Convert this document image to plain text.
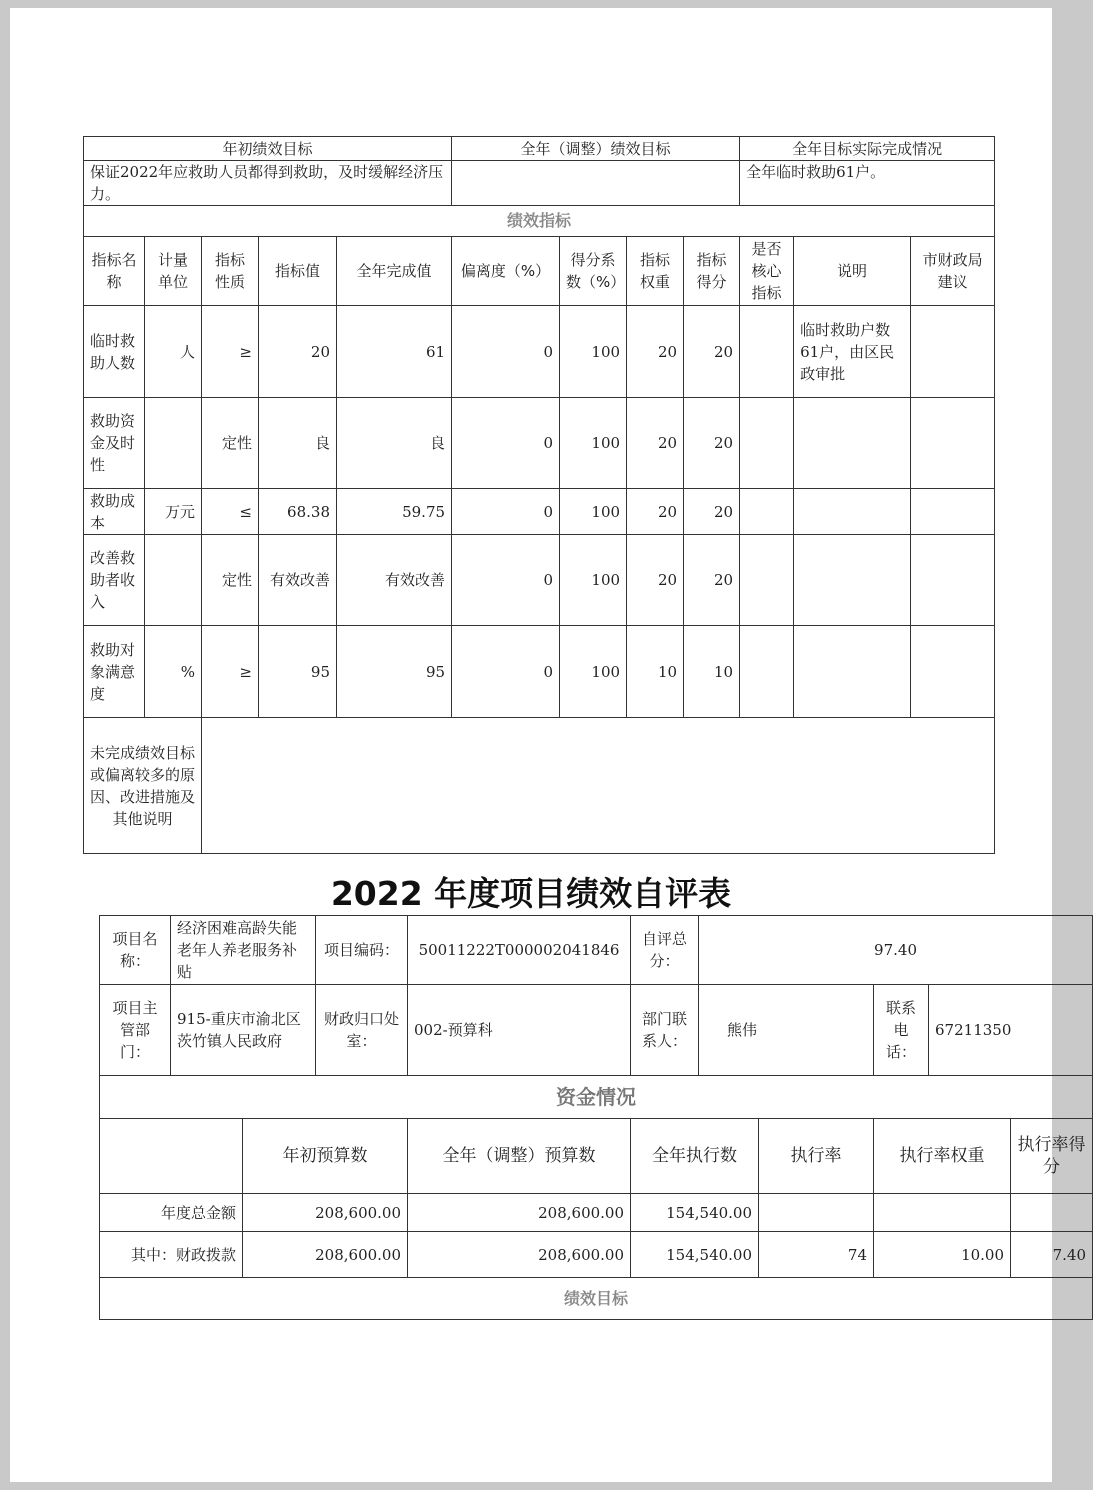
年初绩效目标					全年（调整）绩效目标				全年目标实际完成情况		
保证2022年应救助人员都得到救助，及时缓解经济压力。									全年临时救助61户。		
绩效指标											
指标名称	计量单位	指标性质	指标值	全年完成值	偏离度（%）	得分系数（%）	指标权重	指标得分	是否核心指标	说明	市财政局建议
临时救助人数	人	≥	20	61	0	100	20	20		临时救助户数61户，由区民政审批	
救助资金及时性		定性	良	良	0	100	20	20			
救助成本	万元	≤	68.38	59.75	0	100	20	20			
改善救助者收入		定性	有效改善	有效改善	0	100	20	20			
救助对象满意度	%	≥	95	95	0	100	10	10			
未完成绩效目标或偏离较多的原因、改进措施及其他说明											
2022 年度项目绩效自评表
项目名称：	经济困难高龄失能老年人养老服务补贴		项目编码：	50011222T000002041846	自评总分：	97.40				
项目主管部门：	915-重庆市渝北区茨竹镇人民政府		财政归口处室：	002-预算科	部门联系人：	熊伟		联系电话：	67211350	
资金情况										
		年初预算数		全年（调整）预算数	全年执行数		执行率	执行率权重		执行率得分
年度总金额		208,600.00		208,600.00	154,540.00					
其中：财政拨款		208,600.00		208,600.00	154,540.00		74	10.00		7.40
绩效目标										
